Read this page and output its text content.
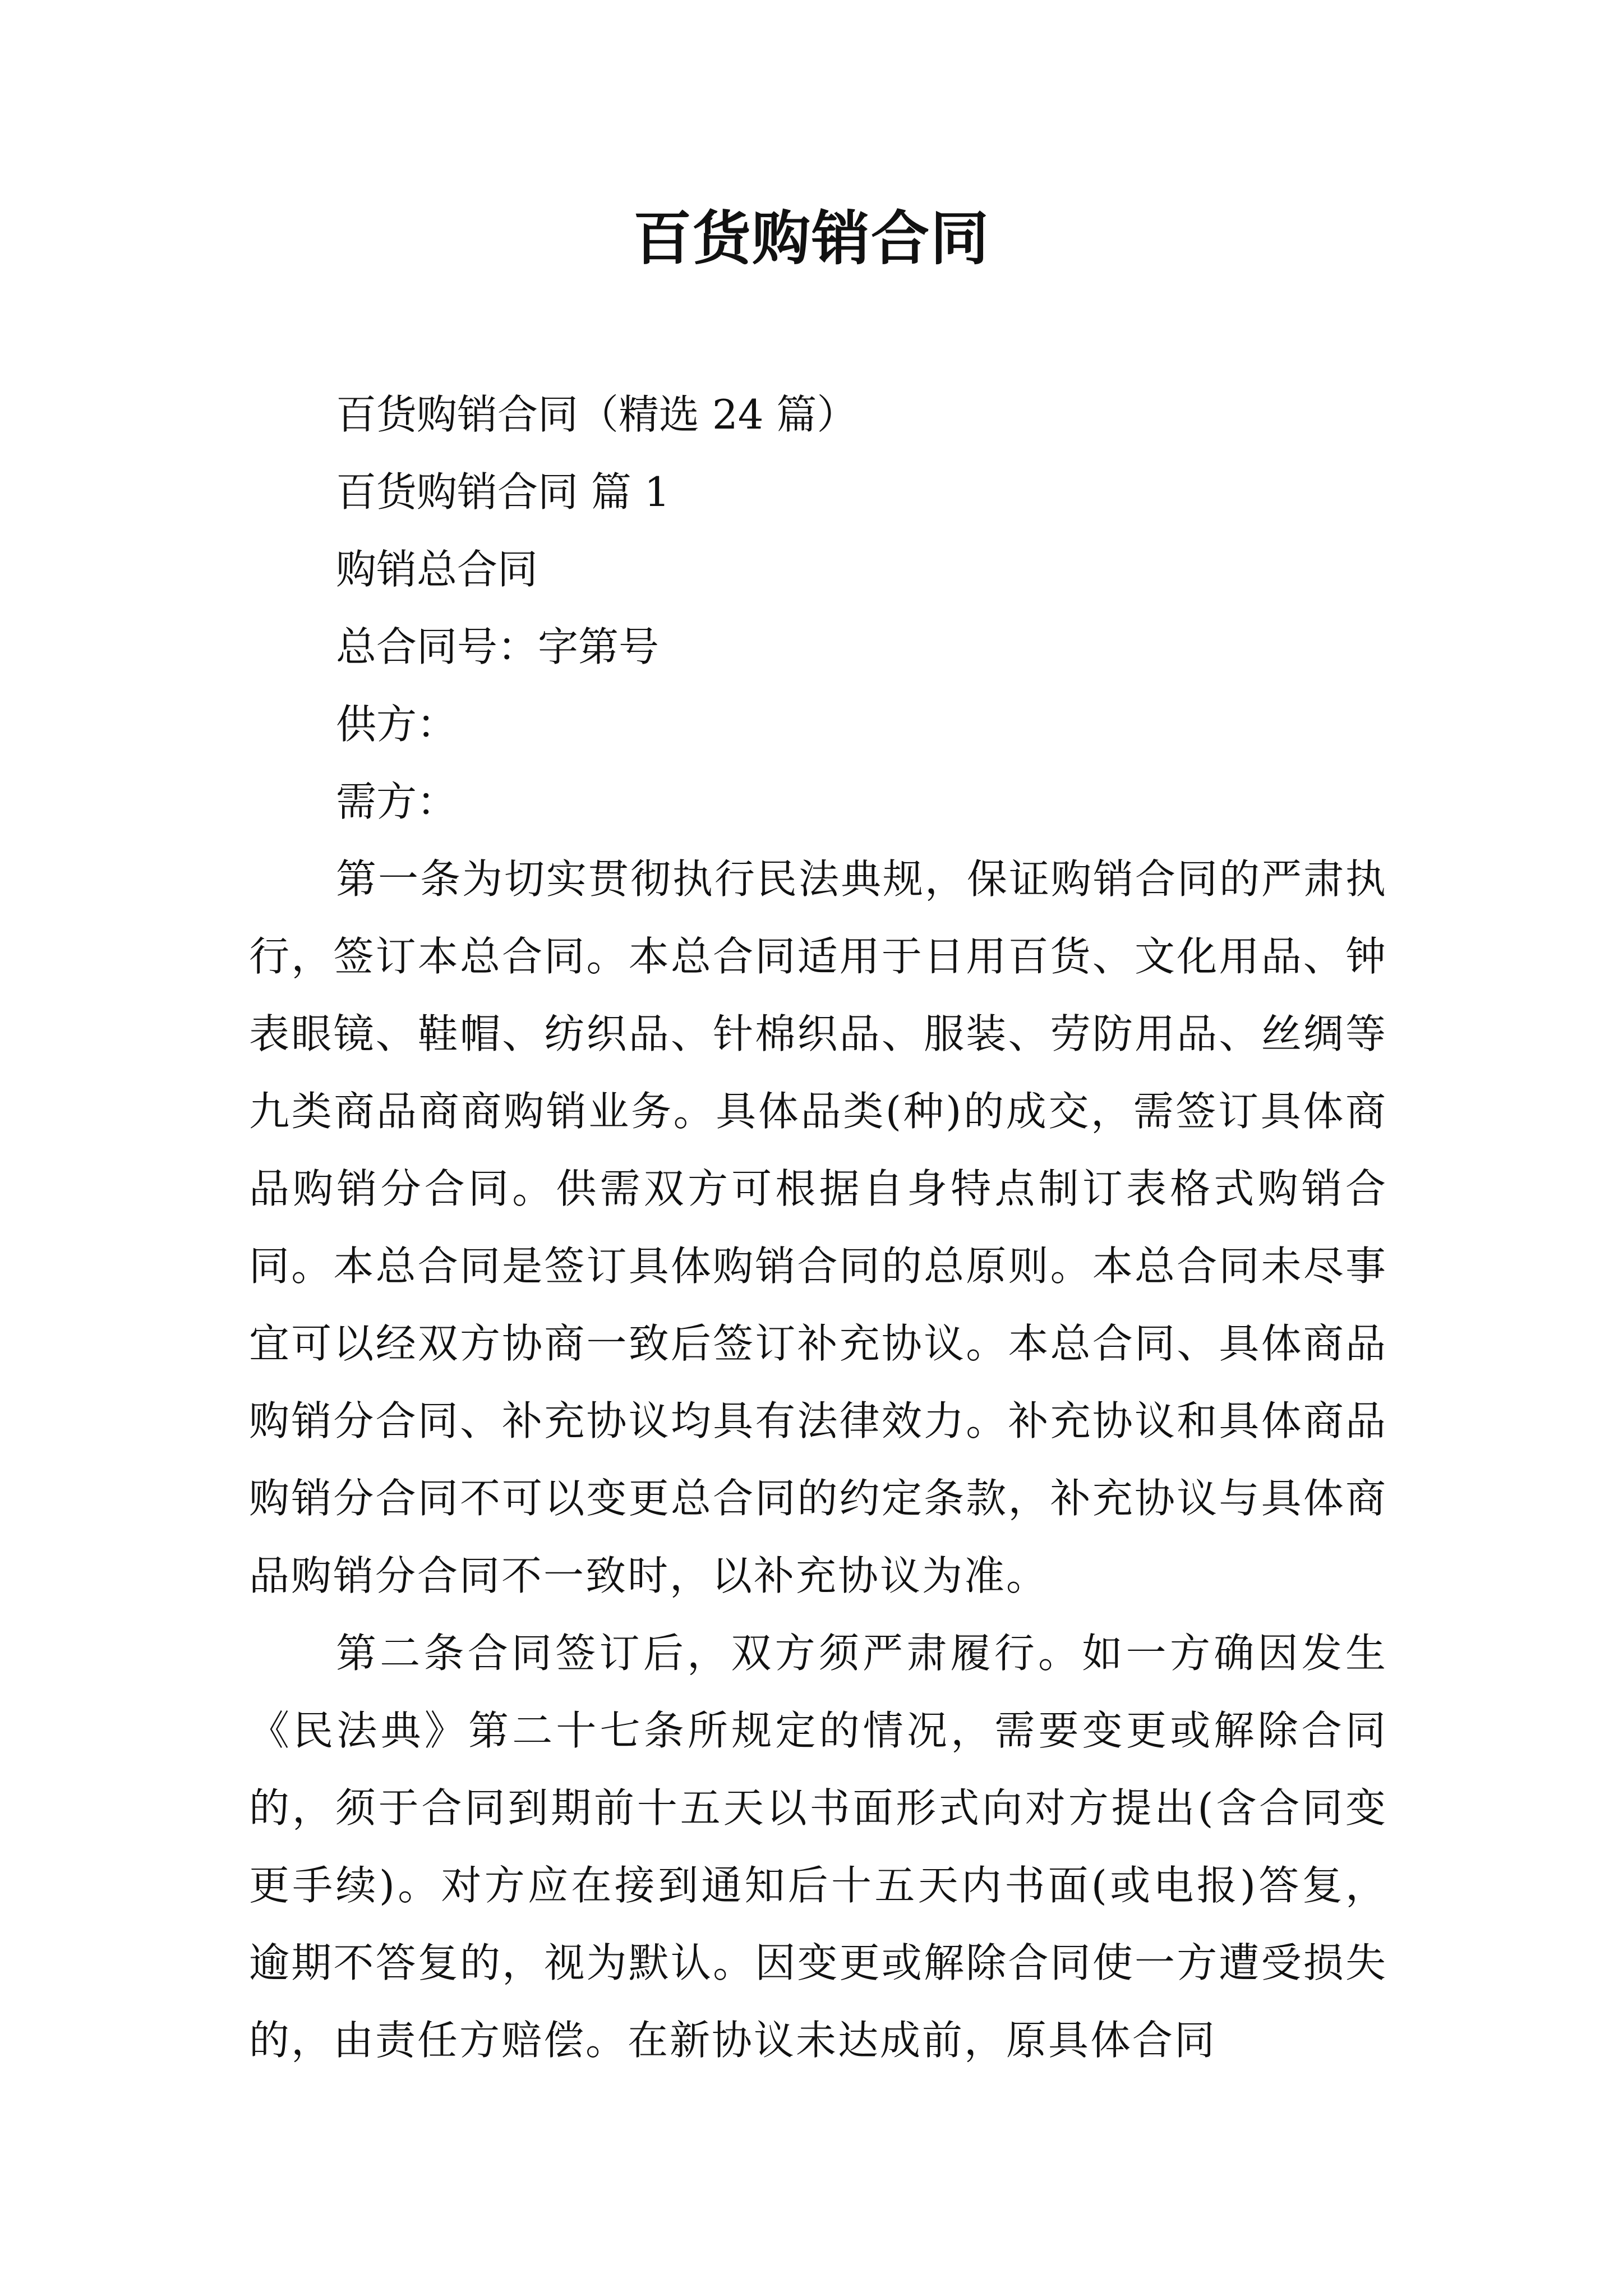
百货购销合同

百货购销合同（精选 24 篇）

百货购销合同 篇 1

购销总合同

总合同号：字第号

供方：

需方：

第一条为切实贯彻执行民法典规，保证购销合同的严肃执行，签订本总合同。本总合同适用于日用百货、文化用品、钟表眼镜、鞋帽、纺织品、针棉织品、服装、劳防用品、丝绸等九类商品商商购销业务。具体品类(种)的成交，需签订具体商品购销分合同。供需双方可根据自身特点制订表格式购销合同。本总合同是签订具体购销合同的总原则。本总合同未尽事宜可以经双方协商一致后签订补充协议。本总合同、具体商品购销分合同、补充协议均具有法律效力。补充协议和具体商品购销分合同不可以变更总合同的约定条款，补充协议与具体商品购销分合同不一致时，以补充协议为准。

第二条合同签订后，双方须严肃履行。如一方确因发生《民法典》第二十七条所规定的情况，需要变更或解除合同的，须于合同到期前十五天以书面形式向对方提出(含合同变更手续)。对方应在接到通知后十五天内书面(或电报)答复，逾期不答复的，视为默认。因变更或解除合同使一方遭受损失的，由责任方赔偿。在新协议未达成前，原具体合同
